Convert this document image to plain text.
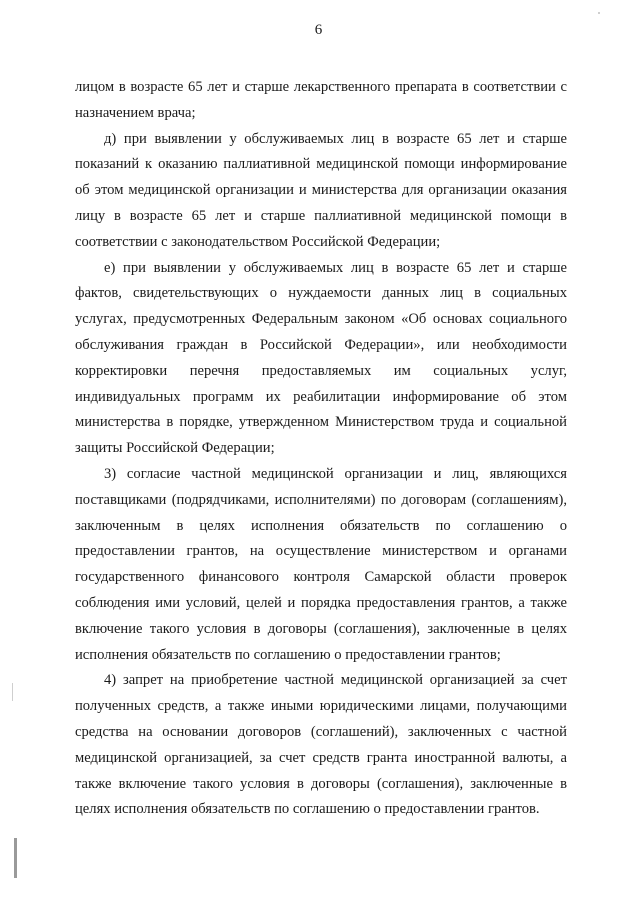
6

лицом в возрасте 65 лет и старше лекарственного препарата в соответствии с назначением врача;

д) при выявлении у обслуживаемых лиц в возрасте 65 лет и старше показаний к оказанию паллиативной медицинской помощи информирование об этом медицинской организации и министерства для организации оказания лицу в возрасте 65 лет и старше паллиативной медицинской помощи в соответствии с законодательством Российской Федерации;

е) при выявлении у обслуживаемых лиц в возрасте 65 лет и старше фактов, свидетельствующих о нуждаемости данных лиц в социальных услугах, предусмотренных Федеральным законом «Об основах социального обслуживания граждан в Российской Федерации», или необходимости корректировки перечня предоставляемых им социальных услуг, индивидуальных программ их реабилитации информирование об этом министерства в порядке, утвержденном Министерством труда и социальной защиты Российской Федерации;

3) согласие частной медицинской организации и лиц, являющихся поставщиками (подрядчиками, исполнителями) по договорам (соглашениям), заключенным в целях исполнения обязательств по соглашению о предоставлении грантов, на осуществление министерством и органами государственного финансового контроля Самарской области проверок соблюдения ими условий, целей и порядка предоставления грантов, а также включение такого условия в договоры (соглашения), заключенные в целях исполнения обязательств по соглашению о предоставлении грантов;

4) запрет на приобретение частной медицинской организацией за счет полученных средств, а также иными юридическими лицами, получающими средства на основании договоров (соглашений), заключенных с частной медицинской организацией, за счет средств гранта иностранной валюты, а также включение такого условия в договоры (соглашения), заключенные в целях исполнения обязательств по соглашению о предоставлении грантов.
